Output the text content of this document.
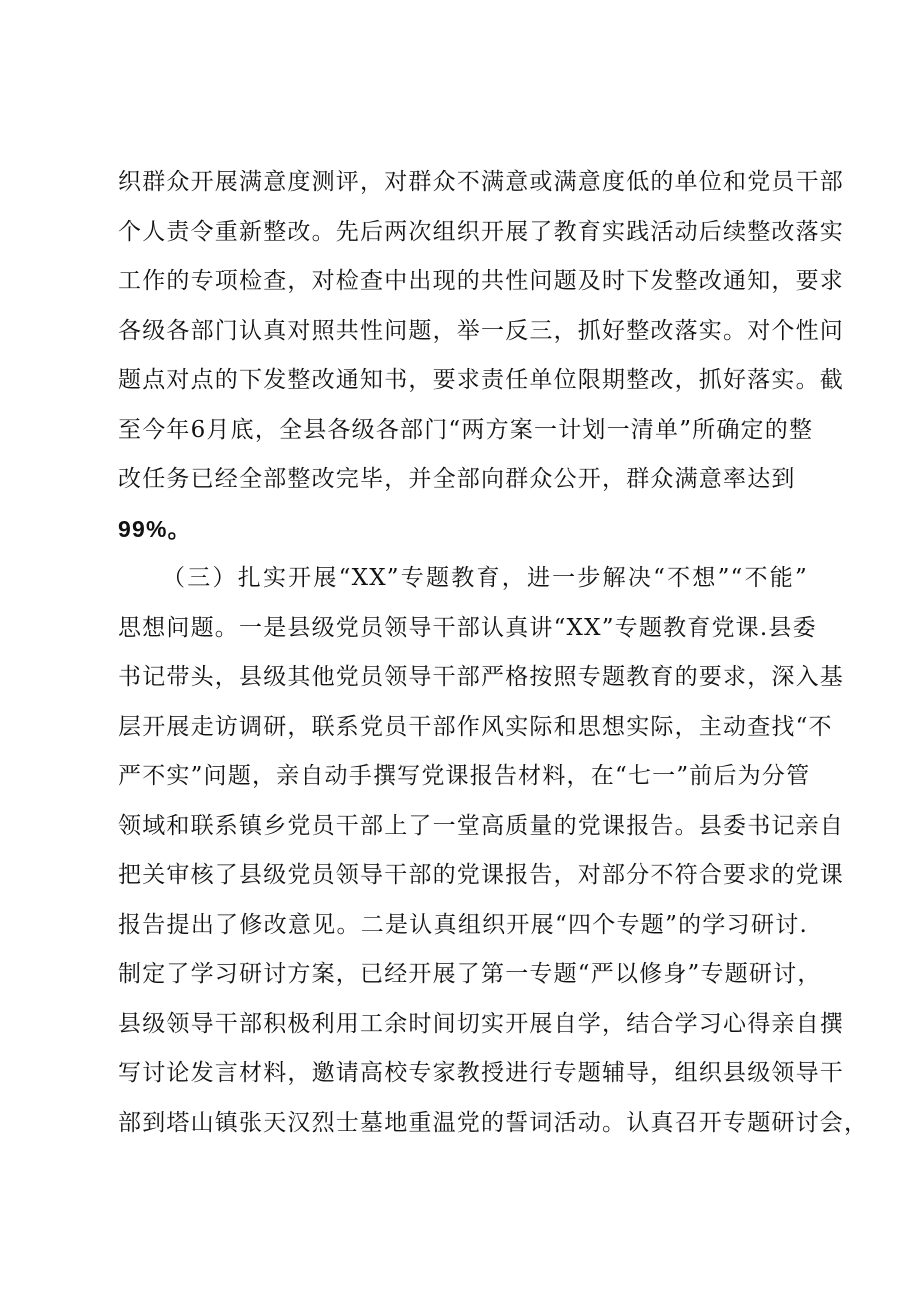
织群众开展满意度测评，对群众不满意或满意度低的单位和党员干部
个人责令重新整改。先后两次组织开展了教育实践活动后续整改落实
工作的专项检查，对检查中出现的共性问题及时下发整改通知，要求
各级各部门认真对照共性问题，举一反三，抓好整改落实。对个性问
题点对点的下发整改通知书，要求责任单位限期整改，抓好落实。截
至今年6月底，全县各级各部门“两方案一计划一清单”所确定的整
改任务已经全部整改完毕，并全部向群众公开，群众满意率达到
99%。
（三）扎实开展“XX”专题教育，进一步解决“不想”“不能”
思想问题。一是县级党员领导干部认真讲“XX”专题教育党课.县委
书记带头，县级其他党员领导干部严格按照专题教育的要求，深入基
层开展走访调研，联系党员干部作风实际和思想实际，主动查找“不
严不实”问题，亲自动手撰写党课报告材料，在“七一”前后为分管
领域和联系镇乡党员干部上了一堂高质量的党课报告。县委书记亲自
把关审核了县级党员领导干部的党课报告，对部分不符合要求的党课
报告提出了修改意见。二是认真组织开展“四个专题”的学习研讨.
制定了学习研讨方案，已经开展了第一专题“严以修身”专题研讨，
县级领导干部积极利用工余时间切实开展自学，结合学习心得亲自撰
写讨论发言材料，邀请高校专家教授进行专题辅导，组织县级领导干
部到塔山镇张天汉烈士墓地重温党的誓词活动。认真召开专题研讨会，
